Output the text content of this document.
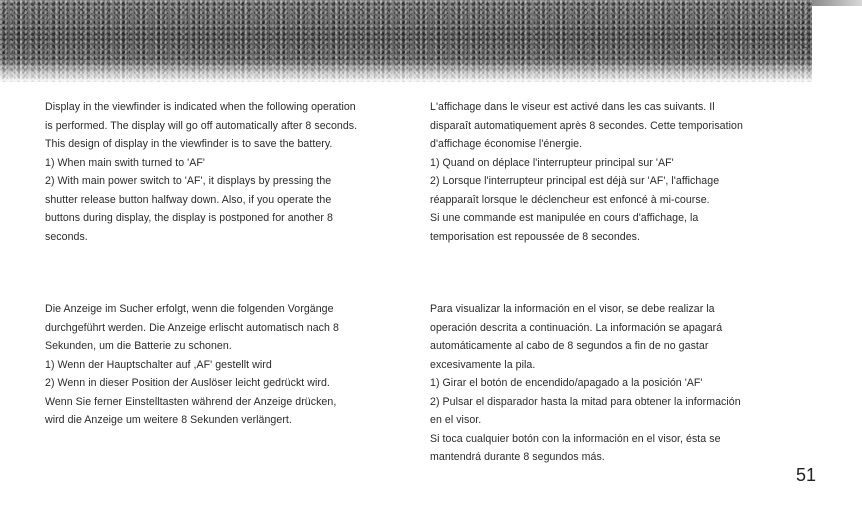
Display in the viewfinder is indicated when the following operation
is performed. The display will go off automatically after 8 seconds.
This design of display in the viewfinder is to save the battery.
1) When main swith turned to 'AF'
2) With main power switch to 'AF', it displays by pressing the
shutter release button halfway down. Also, if you operate the
buttons during display, the display is postponed for another 8
seconds.
L'affichage dans le viseur est activé dans les cas suivants. Il
disparaît automatiquement après 8 secondes. Cette temporisation
d'affichage économise l'énergie.
1) Quand on déplace l'interrupteur principal sur 'AF'
2) Lorsque l'interrupteur principal est déjà sur 'AF', l'affichage
réapparaît lorsque le déclencheur est enfoncé à mi-course.
Si une commande est manipulée en cours d'affichage, la
temporisation est repoussée de 8 secondes.
Die Anzeige im Sucher erfolgt, wenn die folgenden Vorgänge
durchgeführt werden. Die Anzeige erlischt automatisch nach 8
Sekunden, um die Batterie zu schonen.
1) Wenn der Hauptschalter auf ,AF' gestellt wird
2) Wenn in dieser Position der Auslöser leicht gedrückt wird.
Wenn Sie ferner Einstelltasten während der Anzeige drücken,
wird die Anzeige um weitere 8 Sekunden verlängert.
Para visualizar la información en el visor, se debe realizar la
operación descrita a continuación. La información se apagará
automáticamente al cabo de 8 segundos a fin de no gastar
excesivamente la pila.
1) Girar el botón de encendido/apagado a la posición 'AF'
2) Pulsar el disparador hasta la mitad para obtener la información
en el visor.
Si toca cualquier botón con la información en el visor, ésta se
mantendrá durante 8 segundos más.
51
